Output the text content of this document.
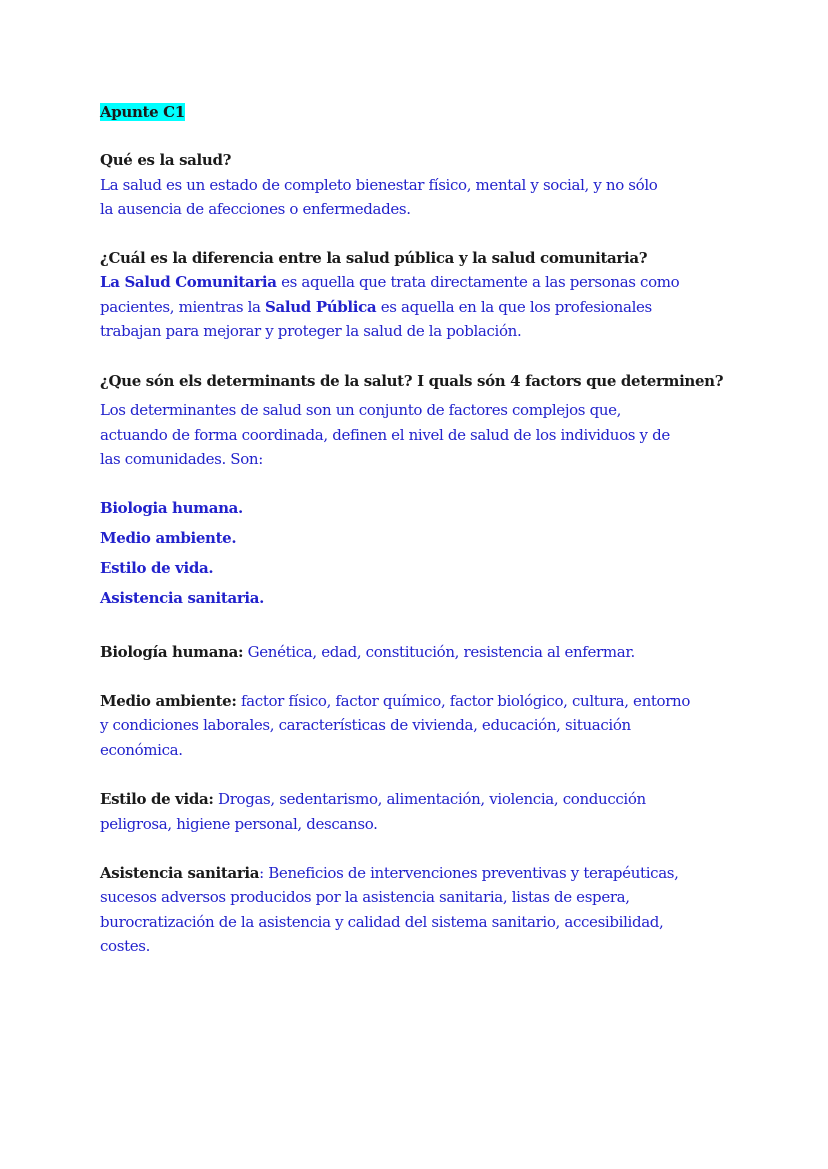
Apunte C1
Qué es la salud?
La salud es un estado de completo bienestar físico, mental y social, y no sólo
la ausencia de afecciones o enfermedades.
¿Cuál es la diferencia entre la salud pública y la salud comunitaria?
La Salud Comunitaria es aquella que trata directamente a las personas como
pacientes, mientras la Salud Pública es aquella en la que los profesionales
trabajan para mejorar y proteger la salud de la población.
¿Que són els determinants de la salut? I quals són 4 factors que determinen?
Los determinantes de salud son un conjunto de factores complejos que,
actuando de forma coordinada, definen el nivel de salud de los individuos y de
las comunidades. Son:
Biologia humana.
Medio ambiente.
Estilo de vida.
Asistencia sanitaria.
Biología humana: Genética, edad, constitución, resistencia al enfermar.
Medio ambiente: factor físico, factor químico, factor biológico, cultura, entorno
y condiciones laborales, características de vivienda, educación, situación
económica.
Estilo de vida: Drogas, sedentarismo, alimentación, violencia, conducción
peligrosa, higiene personal, descanso.
Asistencia sanitaria: Beneficios de intervenciones preventivas y terapéuticas,
sucesos adversos producidos por la asistencia sanitaria, listas de espera,
burocratización de la asistencia y calidad del sistema sanitario, accesibilidad,
costes.
